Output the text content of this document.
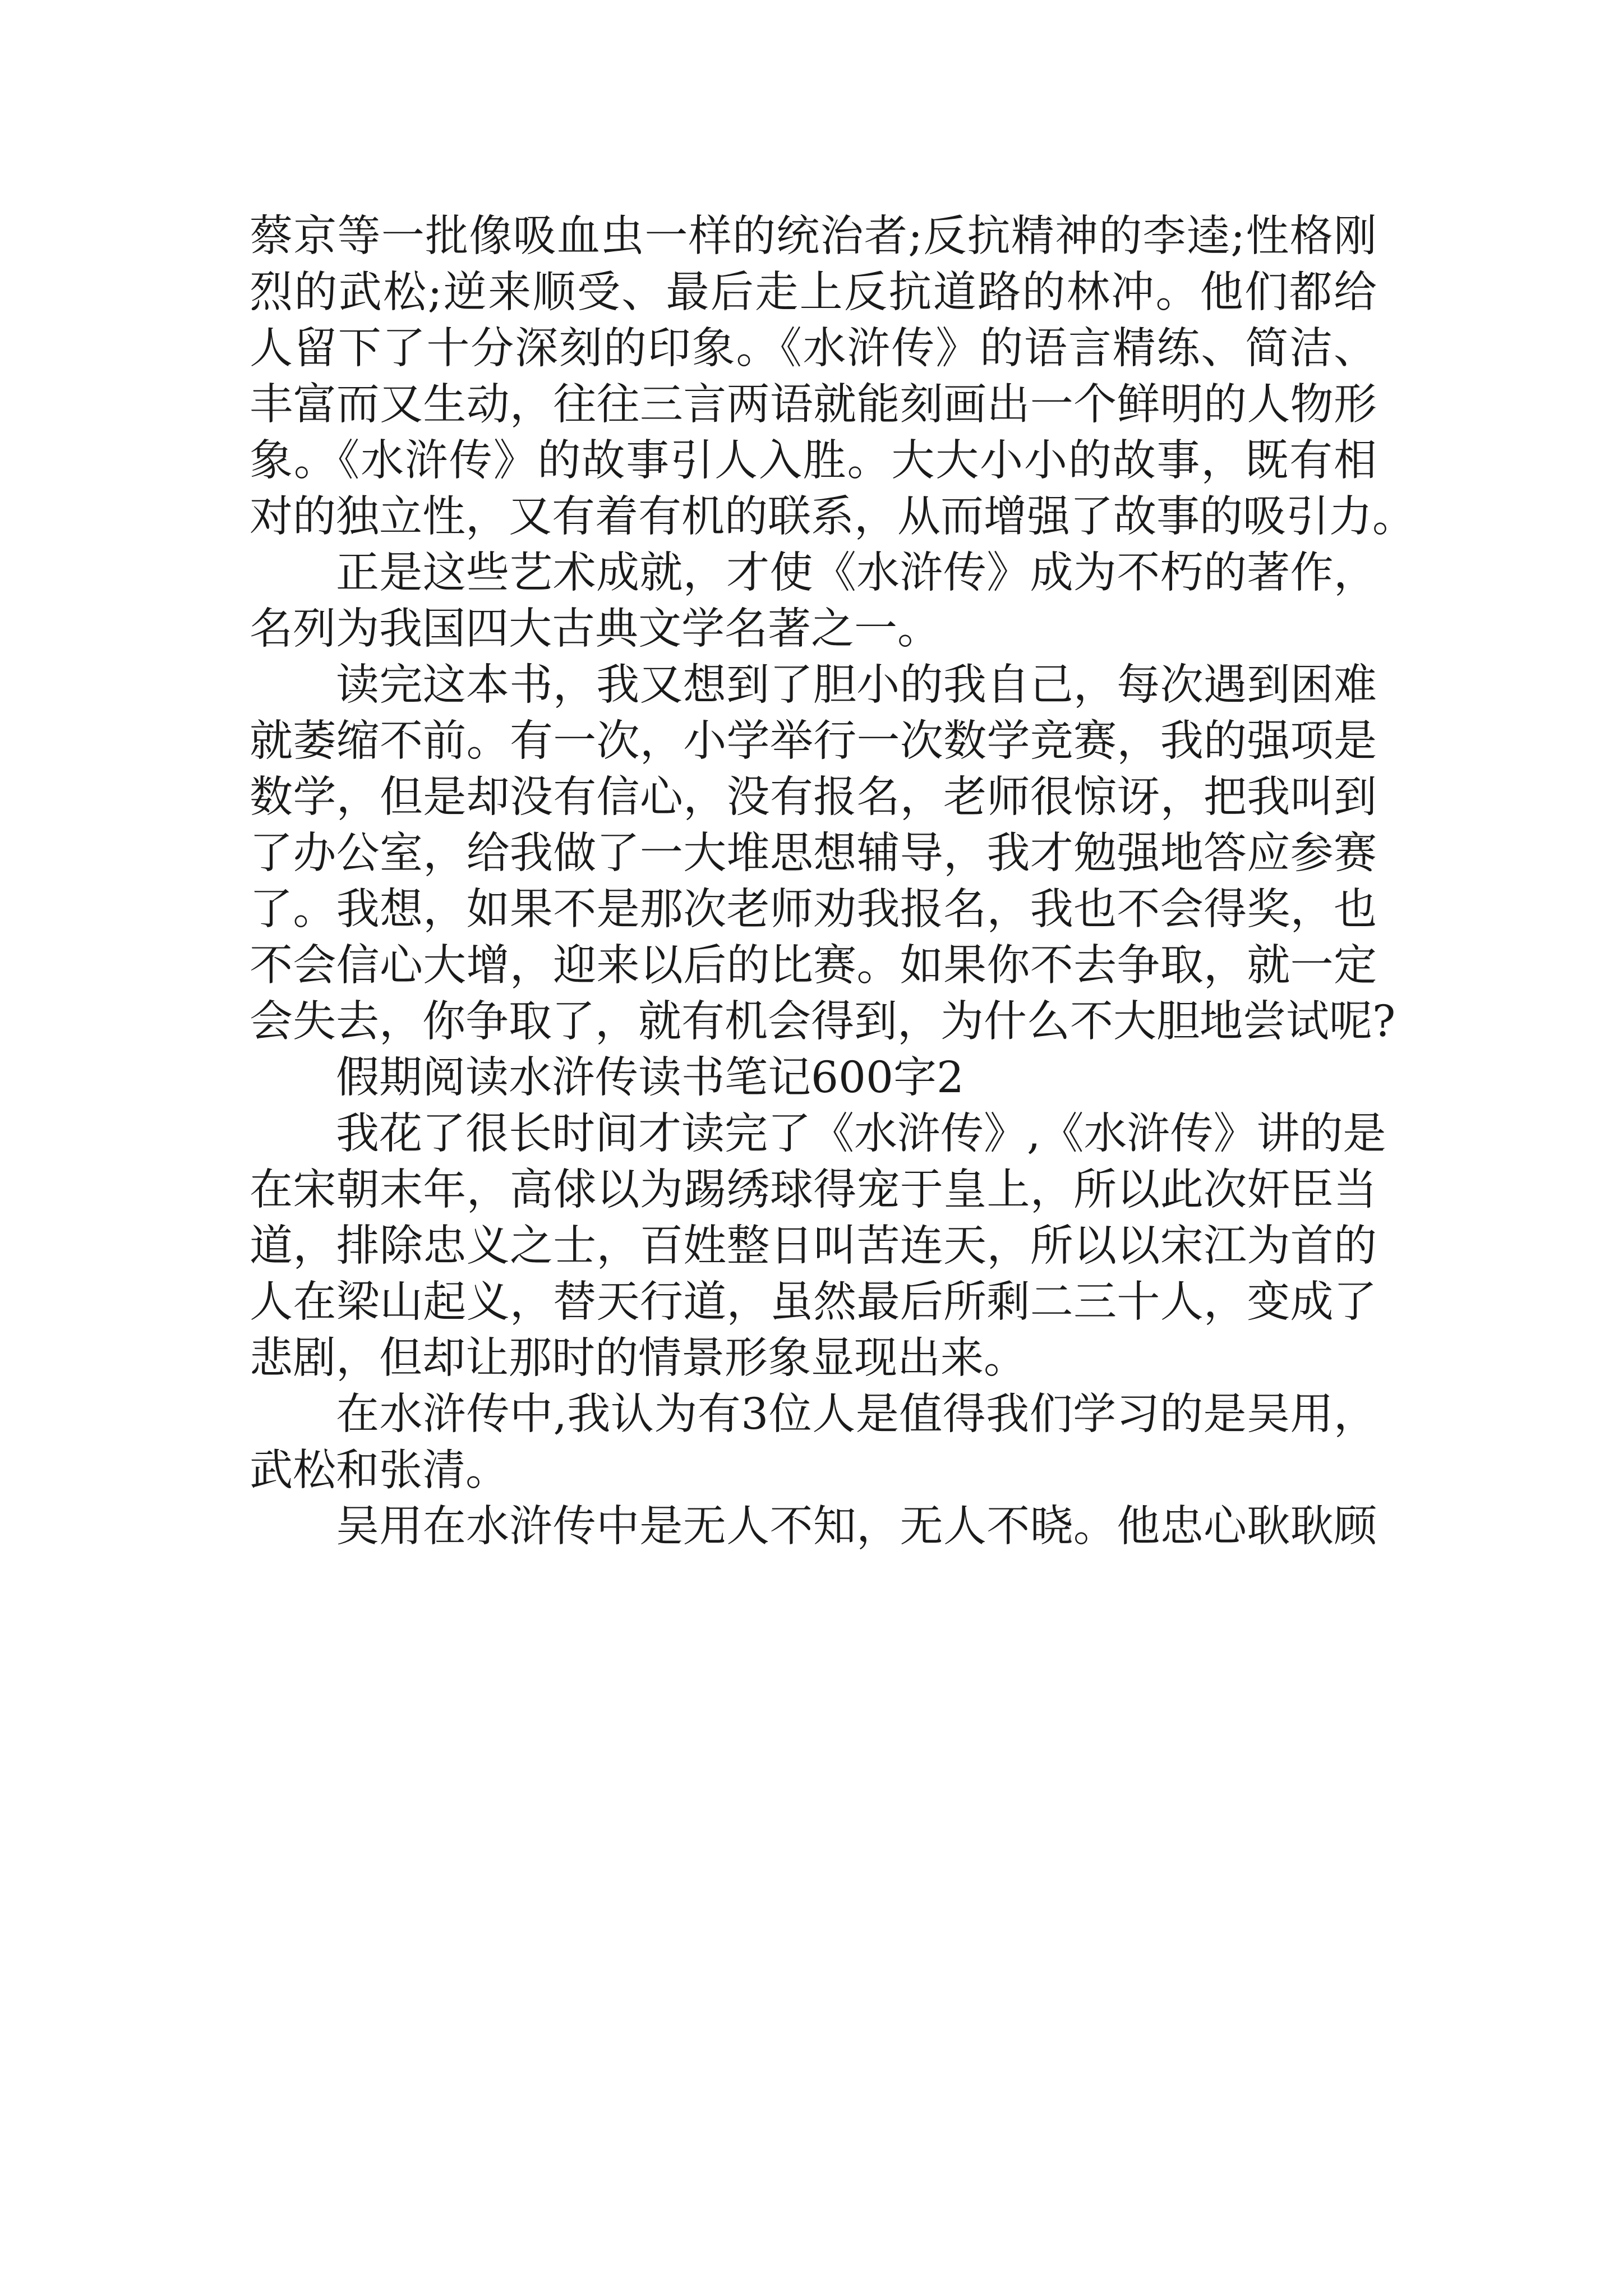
蔡京等一批像吸血虫一样的统治者;反抗精神的李逵;性格刚
烈的武松;逆来顺受、最后走上反抗道路的林冲。他们都给
人留下了十分深刻的印象。《水浒传》的语言精练、简洁、
丰富而又生动，往往三言两语就能刻画出一个鲜明的人物形
象。《水浒传》的故事引人入胜。大大小小的故事，既有相
对的独立性，又有着有机的联系，从而增强了故事的吸引力。
正是这些艺术成就，才使《水浒传》成为不朽的著作，
名列为我国四大古典文学名著之一。
读完这本书，我又想到了胆小的我自己，每次遇到困难
就萎缩不前。有一次，小学举行一次数学竞赛，我的强项是
数学，但是却没有信心，没有报名，老师很惊讶，把我叫到
了办公室，给我做了一大堆思想辅导，我才勉强地答应参赛
了。我想，如果不是那次老师劝我报名，我也不会得奖，也
不会信心大增，迎来以后的比赛。如果你不去争取，就一定
会失去，你争取了，就有机会得到，为什么不大胆地尝试呢?
假期阅读水浒传读书笔记600字2
我花了很长时间才读完了《水浒传》,《水浒传》讲的是
在宋朝末年，高俅以为踢绣球得宠于皇上，所以此次奸臣当
道，排除忠义之士，百姓整日叫苦连天，所以以宋江为首的
人在梁山起义，替天行道，虽然最后所剩二三十人，变成了
悲剧，但却让那时的情景形象显现出来。
在水浒传中,我认为有3位人是值得我们学习的是吴用，
武松和张清。
吴用在水浒传中是无人不知，无人不晓。他忠心耿耿顾
